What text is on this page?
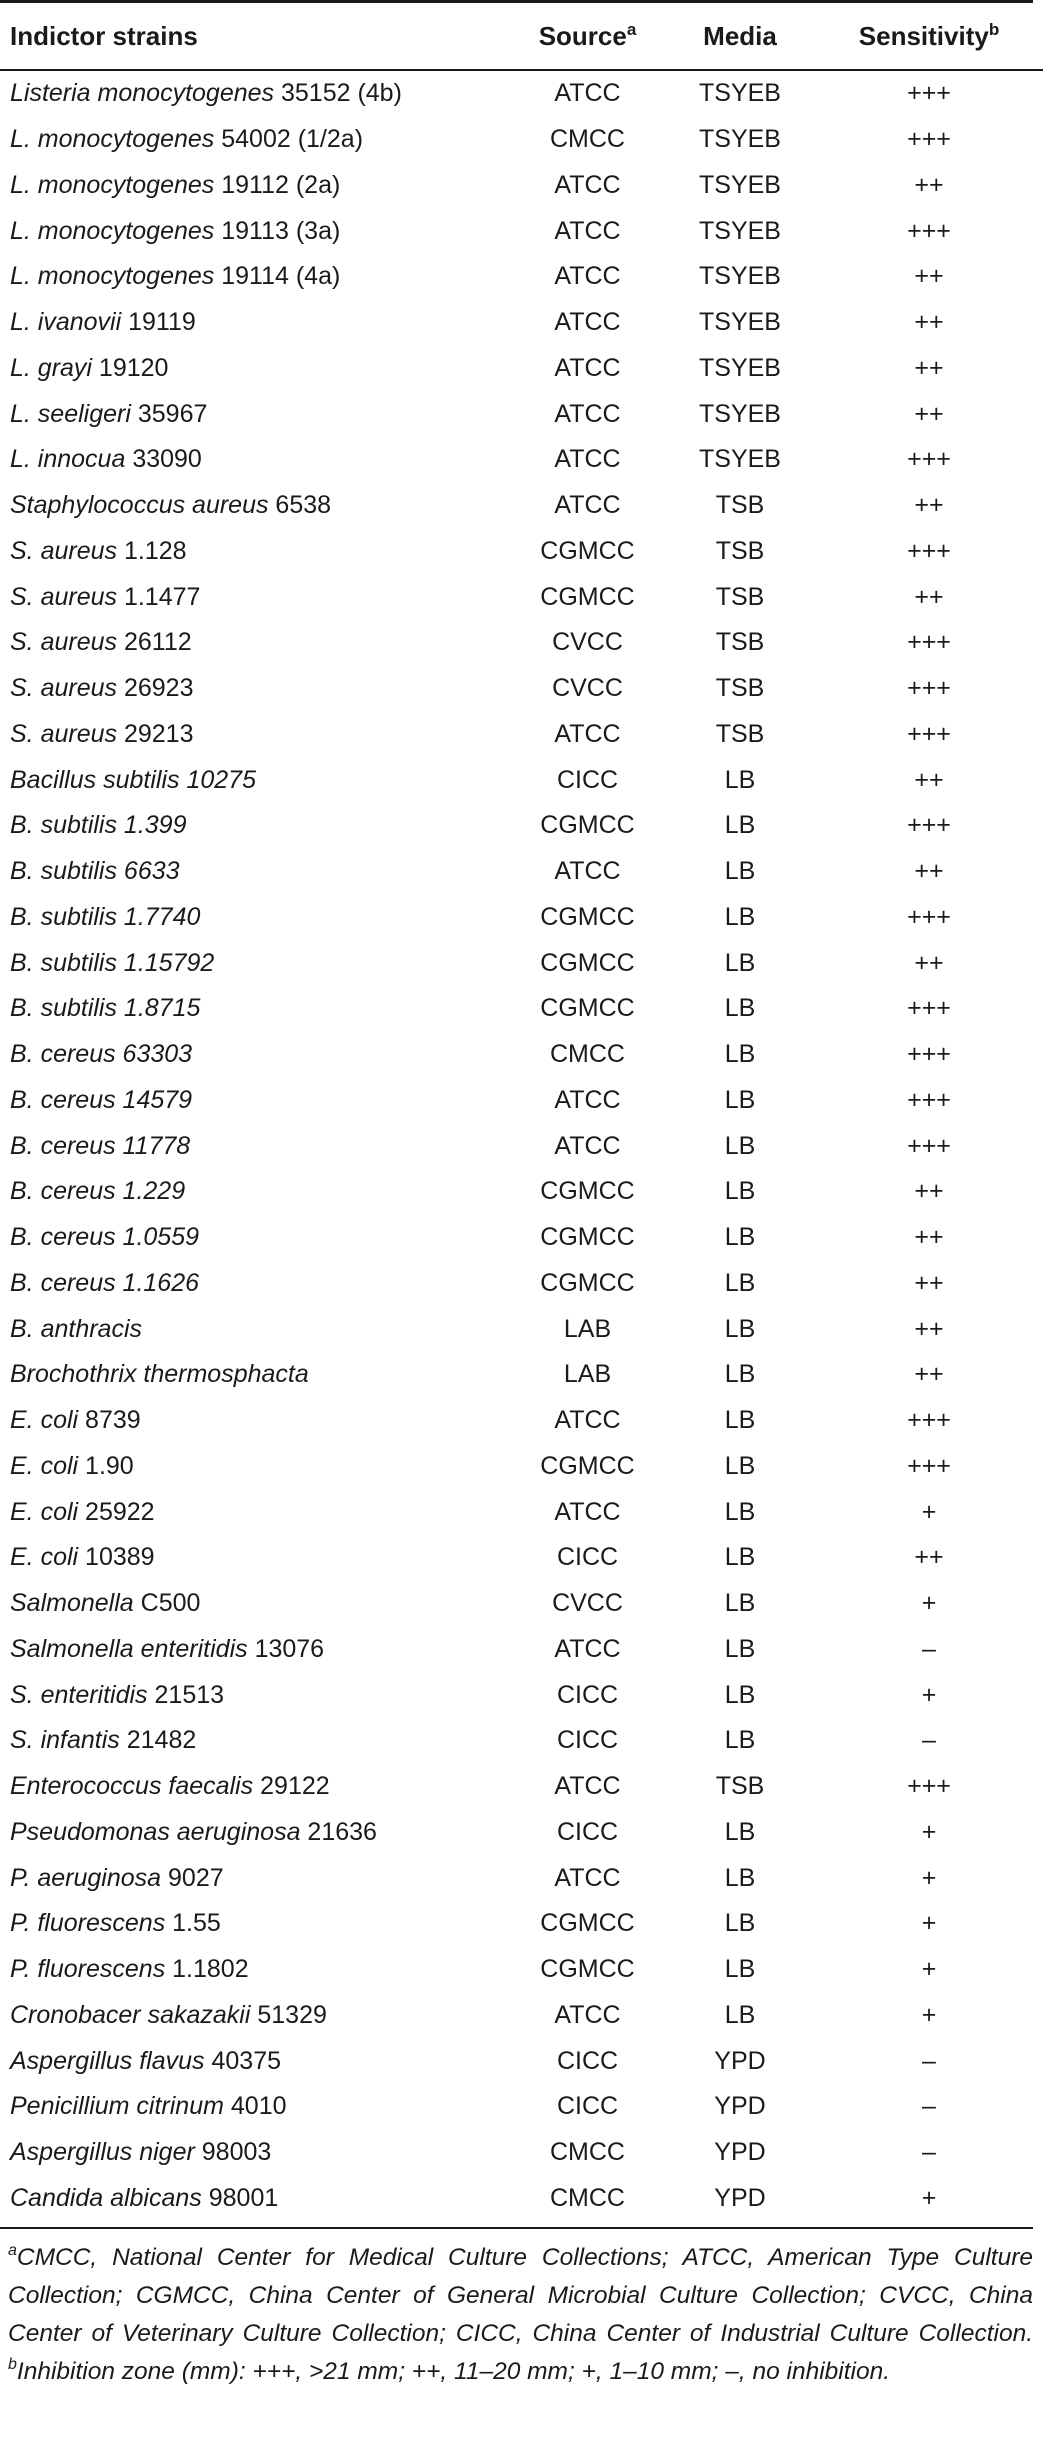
Indictor strains	Source$^a$	Media	Sensitivity$^b$
Listeria monocytogenes 35152 (4b)	ATCC	TSYEB	+++
L. monocytogenes 54002 (1/2a)	CMCC	TSYEB	+++
L. monocytogenes 19112 (2a)	ATCC	TSYEB	++
L. monocytogenes 19113 (3a)	ATCC	TSYEB	+++
L. monocytogenes 19114 (4a)	ATCC	TSYEB	++
L. ivanovii 19119	ATCC	TSYEB	++
L. grayi 19120	ATCC	TSYEB	++
L. seeligeri 35967	ATCC	TSYEB	++
L. innocua 33090	ATCC	TSYEB	+++
Staphylococcus aureus 6538	ATCC	TSB	++
S. aureus 1.128	CGMCC	TSB	+++
S. aureus 1.1477	CGMCC	TSB	++
S. aureus 26112	CVCC	TSB	+++
S. aureus 26923	CVCC	TSB	+++
S. aureus 29213	ATCC	TSB	+++
Bacillus subtilis 10275	CICC	LB	++
B. subtilis 1.399	CGMCC	LB	+++
B. subtilis 6633	ATCC	LB	++
B. subtilis 1.7740	CGMCC	LB	+++
B. subtilis 1.15792	CGMCC	LB	++
B. subtilis 1.8715	CGMCC	LB	+++
B. cereus 63303	CMCC	LB	+++
B. cereus 14579	ATCC	LB	+++
B. cereus 11778	ATCC	LB	+++
B. cereus 1.229	CGMCC	LB	++
B. cereus 1.0559	CGMCC	LB	++
B. cereus 1.1626	CGMCC	LB	++
B. anthracis	LAB	LB	++
Brochothrix thermosphacta	LAB	LB	++
E. coli 8739	ATCC	LB	+++
E. coli 1.90	CGMCC	LB	+++
E. coli 25922	ATCC	LB	+
E. coli 10389	CICC	LB	++
Salmonella C500	CVCC	LB	+
Salmonella enteritidis 13076	ATCC	LB	–
S. enteritidis 21513	CICC	LB	+
S. infantis 21482	CICC	LB	–
Enterococcus faecalis 29122	ATCC	TSB	+++
Pseudomonas aeruginosa 21636	CICC	LB	+
P. aeruginosa 9027	ATCC	LB	+
P. fluorescens 1.55	CGMCC	LB	+
P. fluorescens 1.1802	CGMCC	LB	+
Cronobacer sakazakii 51329	ATCC	LB	+
Aspergillus flavus 40375	CICC	YPD	–
Penicillium citrinum 4010	CICC	YPD	–
Aspergillus niger 98003	CMCC	YPD	–
Candida albicans 98001	CMCC	YPD	+
$^a$CMCC, National Center for Medical Culture Collections; ATCC, American Type Culture Collection; CGMCC, China Center of General Microbial Culture Collection; CVCC, China Center of Veterinary Culture Collection; CICC, China Center of Industrial Culture Collection. $^b$Inhibition zone (mm): +++, >21 mm; ++, 11–20 mm; +, 1–10 mm; –, no inhibition.
